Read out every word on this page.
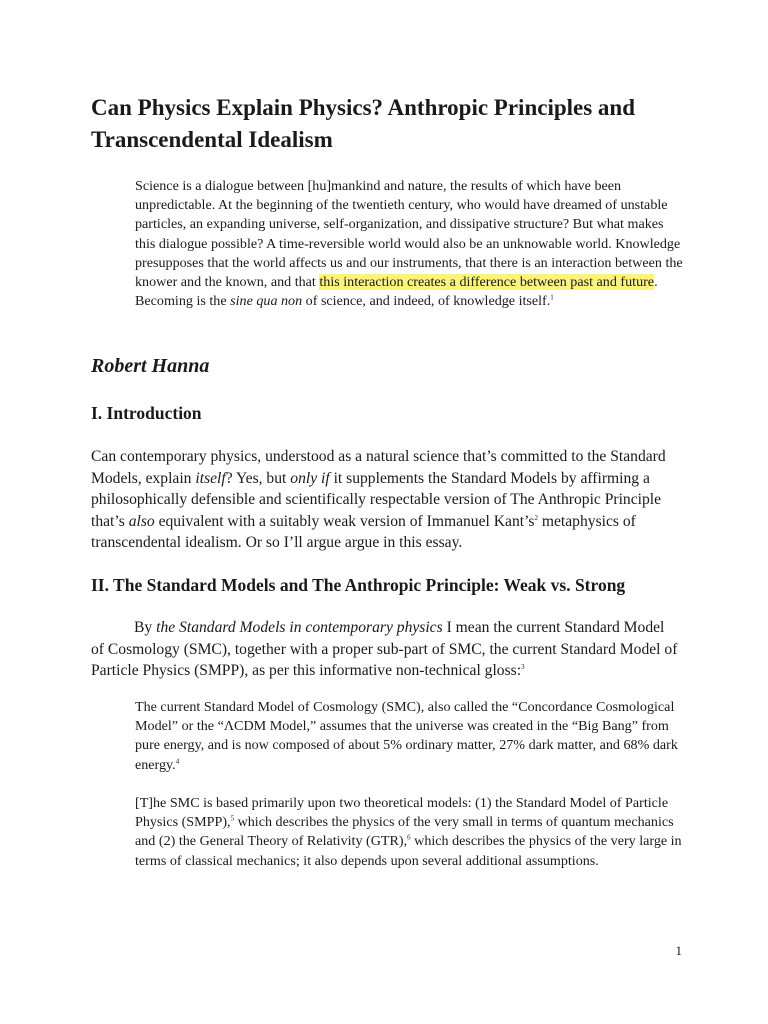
Can Physics Explain Physics? Anthropic Principles and
Transcendental Idealism

Science is a dialogue between [hu]mankind and nature, the results of which have been unpredictable. At the beginning of the twentieth century, who would have dreamed of unstable particles, an expanding universe, self-organization, and dissipative structure? But what makes this dialogue possible? A time-reversible world would also be an unknowable world. Knowledge presupposes that the world affects us and our instruments, that there is an interaction between the knower and the known, and that this interaction creates a difference between past and future. Becoming is the sine qua non of science, and indeed, of knowledge itself.$^1$

Robert Hanna
I. Introduction

Can contemporary physics, understood as a natural science that’s committed to the Standard Models, explain itself? Yes, but only if it supplements the Standard Models by affirming a philosophically defensible and scientifically respectable version of The Anthropic Principle that’s also equivalent with a suitably weak version of Immanuel $Kant’s^2$ metaphysics of transcendental idealism. Or so I’ll argue argue in this essay.

II. The Standard Models and The Anthropic Principle: Weak vs. Strong

By the Standard Models in contemporary physics I mean the current Standard Model of Cosmology (SMC), together with a proper sub-part of SMC, the current Standard Model of Particle Physics (SMPP), as per this informative non-technical gloss:$^3$

The current Standard Model of Cosmology (SMC), also called the “Concordance Cosmological Model” or the “ΛCDM Model,” assumes that the universe was created in the “Big Bang” from pure energy, and is now composed of about 5% ordinary matter, 27% dark matter, and 68% dark energy.$^4$

[T]he SMC is based primarily upon two theoretical models: (1) the Standard Model of Particle Physics (SMPP),$^5$ which describes the physics of the very small in terms of quantum mechanics and (2) the General Theory of Relativity (GTR),$^6$ which describes the physics of the very large in terms of classical mechanics; it also depends upon several additional assumptions.

1
